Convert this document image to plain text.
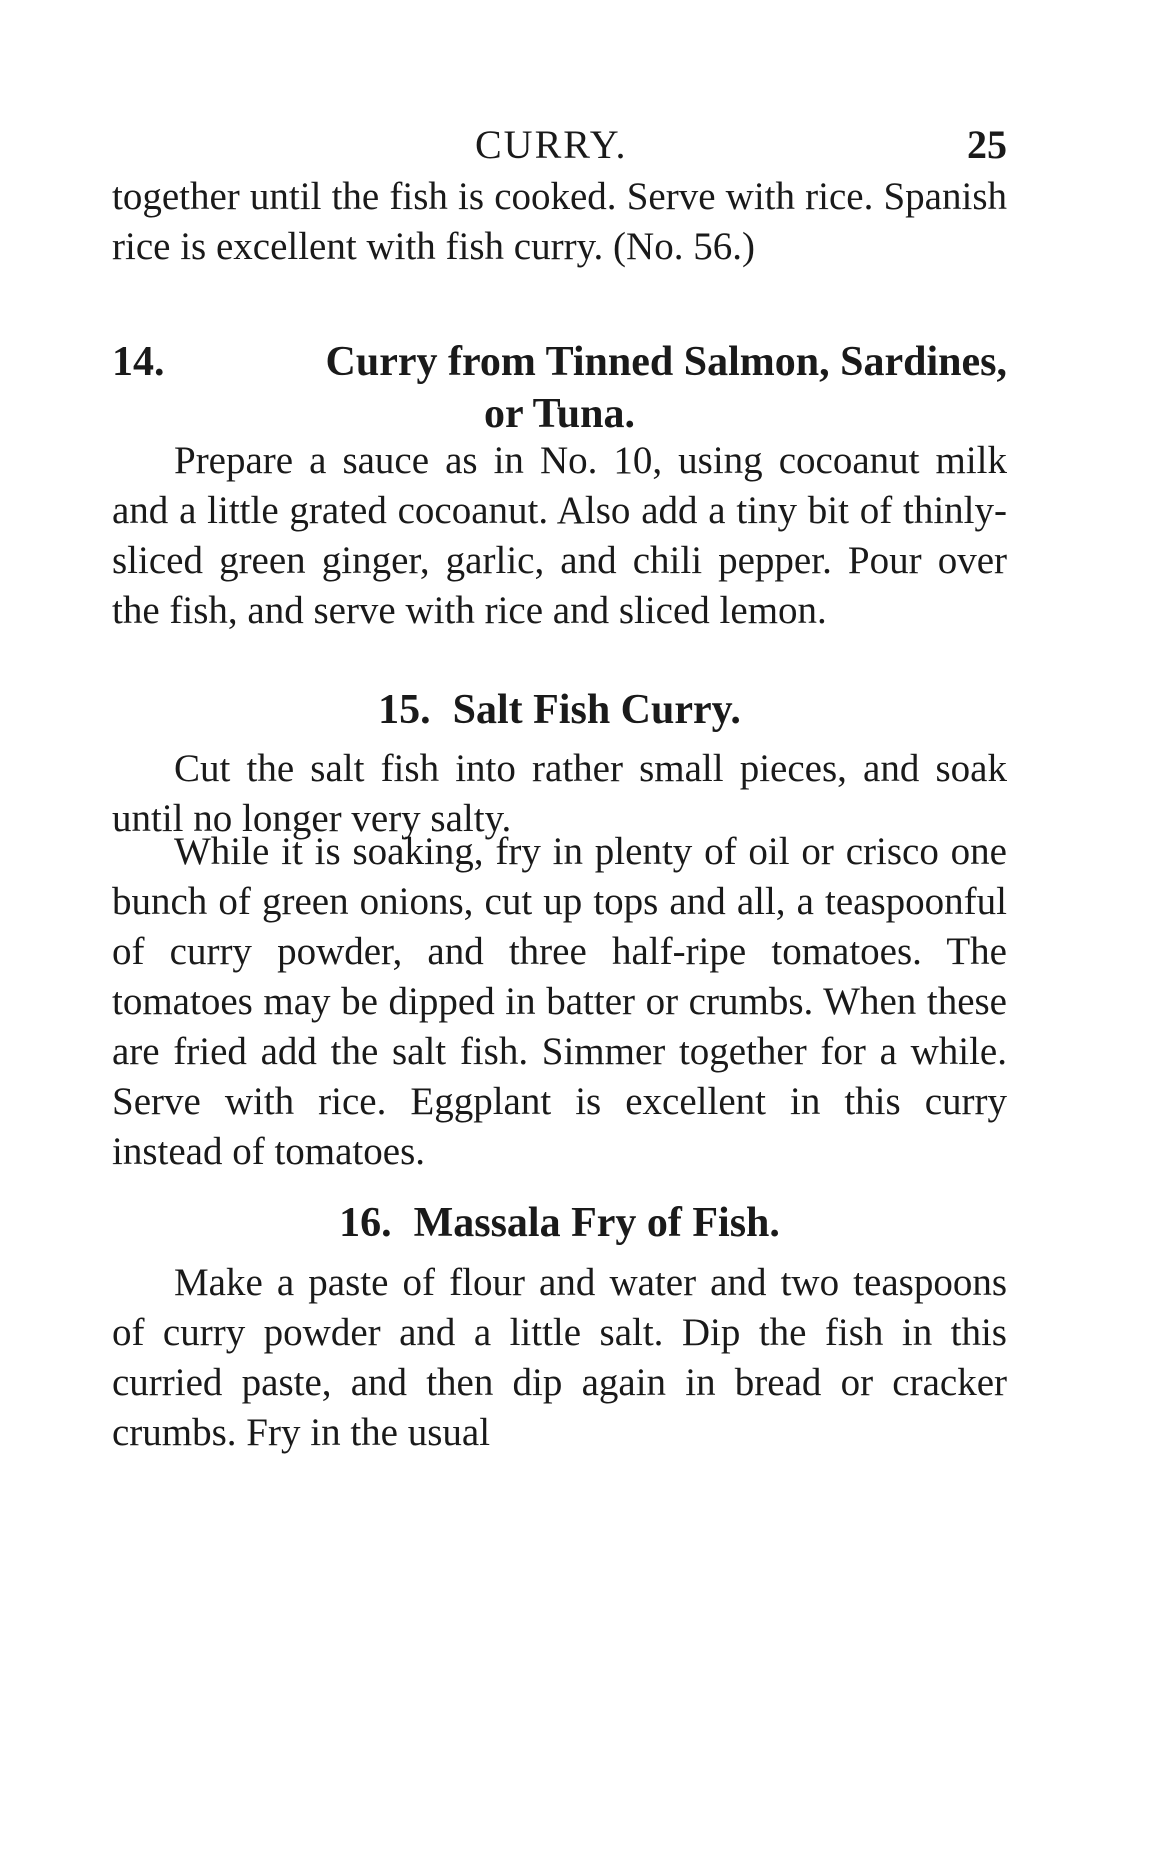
CURRY.	25

together until the fish is cooked. Serve with rice. Spanish rice is excellent with fish curry. (No. 56.)

14.	Curry from Tinned Salmon, Sardines,
or Tuna.

Prepare a sauce as in No. 10, using cocoanut milk and a little grated cocoanut. Also add a tiny bit of thinly-sliced green ginger, garlic, and chili pepper. Pour over the fish, and serve with rice and sliced lemon.

15. Salt Fish Curry.

Cut the salt fish into rather small pieces, and soak until no longer very salty.

While it is soaking, fry in plenty of oil or crisco one bunch of green onions, cut up tops and all, a teaspoonful of curry powder, and three half-ripe tomatoes. The tomatoes may be dipped in batter or crumbs. When these are fried add the salt fish. Simmer together for a while. Serve with rice. Eggplant is excellent in this curry instead of tomatoes.

16. Massala Fry of Fish.

Make a paste of flour and water and two teaspoons of curry powder and a little salt. Dip the fish in this curried paste, and then dip again in bread or cracker crumbs. Fry in the usual
